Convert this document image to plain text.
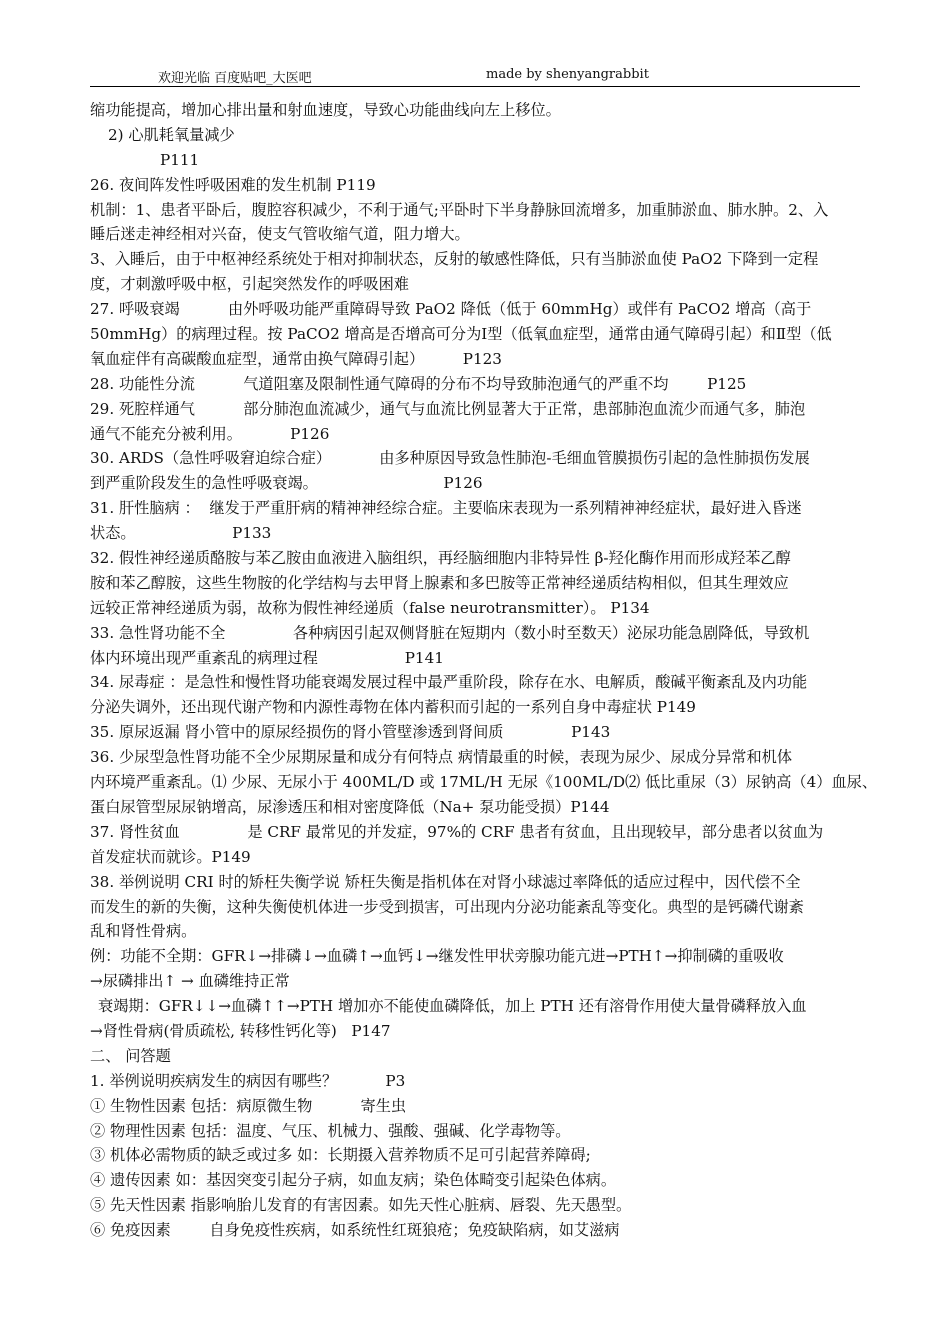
欢迎光临 百度贴吧_大医吧	made by shenyangrabbit
缩功能提高，增加心排出量和射血速度，导致心功能曲线向左上移位。
2) 心肌耗氧量减少
P111
26. 夜间阵发性呼吸困难的发生机制 P119
机制：1、患者平卧后，腹腔容积减少，不利于通气;平卧时下半身静脉回流增多，加重肺淤血、肺水肿。2、入
睡后迷走神经相对兴奋，使支气管收缩气道，阻力增大。
3、入睡后，由于中枢神经系统处于相对抑制状态，反射的敏感性降低，只有当肺淤血使 PaO2 下降到一定程
度，才刺激呼吸中枢，引起突然发作的呼吸困难
27. 呼吸衰竭          由外呼吸功能严重障碍导致 PaO2 降低（低于 60mmHg）或伴有 PaCO2 增高（高于
50mmHg）的病理过程。按 PaCO2 增高是否增高可分为Ⅰ型（低氧血症型，通常由通气障碍引起）和Ⅱ型（低
氧血症伴有高碳酸血症型，通常由换气障碍引起）        P123
28. 功能性分流          气道阻塞及限制性通气障碍的分布不均导致肺泡通气的严重不均        P125
29. 死腔样通气          部分肺泡血流减少，通气与血流比例显著大于正常，患部肺泡血流少而通气多，肺泡
通气不能充分被利用。          P126
30. ARDS（急性呼吸窘迫综合症）          由多种原因导致急性肺泡-毛细血管膜损伤引起的急性肺损伤发展
到严重阶段发生的急性呼吸衰竭。                          P126
31. 肝性脑病 ：  继发于严重肝病的精神神经综合症。主要临床表现为一系列精神神经症状，最好进入昏迷
状态。                    P133
32. 假性神经递质酪胺与苯乙胺由血液进入脑组织，再经脑细胞内非特异性 β-羟化酶作用而形成羟苯乙醇
胺和苯乙醇胺，这些生物胺的化学结构与去甲肾上腺素和多巴胺等正常神经递质结构相似，但其生理效应
远较正常神经递质为弱，故称为假性神经递质（false neurotransmitter）。 P134
33. 急性肾功能不全              各种病因引起双侧肾脏在短期内（数小时至数天）泌尿功能急剧降低，导致机
体内环境出现严重紊乱的病理过程                  P141
34. 尿毒症 ：是急性和慢性肾功能衰竭发展过程中最严重阶段，除存在水、电解质，酸碱平衡紊乱及内功能
分泌失调外，还出现代谢产物和内源性毒物在体内蓄积而引起的一系列自身中毒症状 P149
35. 原尿返漏 肾小管中的原尿经损伤的肾小管壁渗透到肾间质              P143
36. 少尿型急性肾功能不全少尿期尿量和成分有何特点 病情最重的时候，表现为尿少、尿成分异常和机体
内环境严重紊乱。⑴ 少尿、无尿小于 400ML/D 或 17ML/H 无尿《100ML/D⑵ 低比重尿（3）尿钠高（4）血尿、
蛋白尿管型尿尿钠增高，尿渗透压和相对密度降低（Na+ 泵功能受损）P144
37. 肾性贫血              是 CRF 最常见的并发症，97%的 CRF 患者有贫血，且出现较早，部分患者以贫血为
首发症状而就诊。P149
38. 举例说明 CRI 时的矫枉失衡学说 矫枉失衡是指机体在对肾小球滤过率降低的适应过程中，因代偿不全
而发生的新的失衡，这种失衡使机体进一步受到损害，可出现内分泌功能紊乱等变化。典型的是钙磷代谢紊
乱和肾性骨病。
例：功能不全期：GFR↓→排磷↓→血磷↑→血钙↓→继发性甲状旁腺功能亢进→PTH↑→抑制磷的重吸收
→尿磷排出↑ → 血磷维持正常
衰竭期：GFR↓↓→血磷↑↑→PTH 增加亦不能使血磷降低，加上 PTH 还有溶骨作用使大量骨磷释放入血
→肾性骨病(骨质疏松, 转移性钙化等)   P147
二、 问答题
1. 举例说明疾病发生的病因有哪些？          P3
① 生物性因素 包括：病原微生物          寄生虫
② 物理性因素 包括：温度、气压、机械力、强酸、强碱、化学毒物等。
③ 机体必需物质的缺乏或过多 如：长期摄入营养物质不足可引起营养障碍;
④ 遗传因素 如：基因突变引起分子病，如血友病；染色体畸变引起染色体病。
⑤ 先天性因素 指影响胎儿发育的有害因素。如先天性心脏病、唇裂、先天愚型。
⑥ 免疫因素        自身免疫性疾病，如系统性红斑狼疮；免疫缺陷病，如艾滋病
